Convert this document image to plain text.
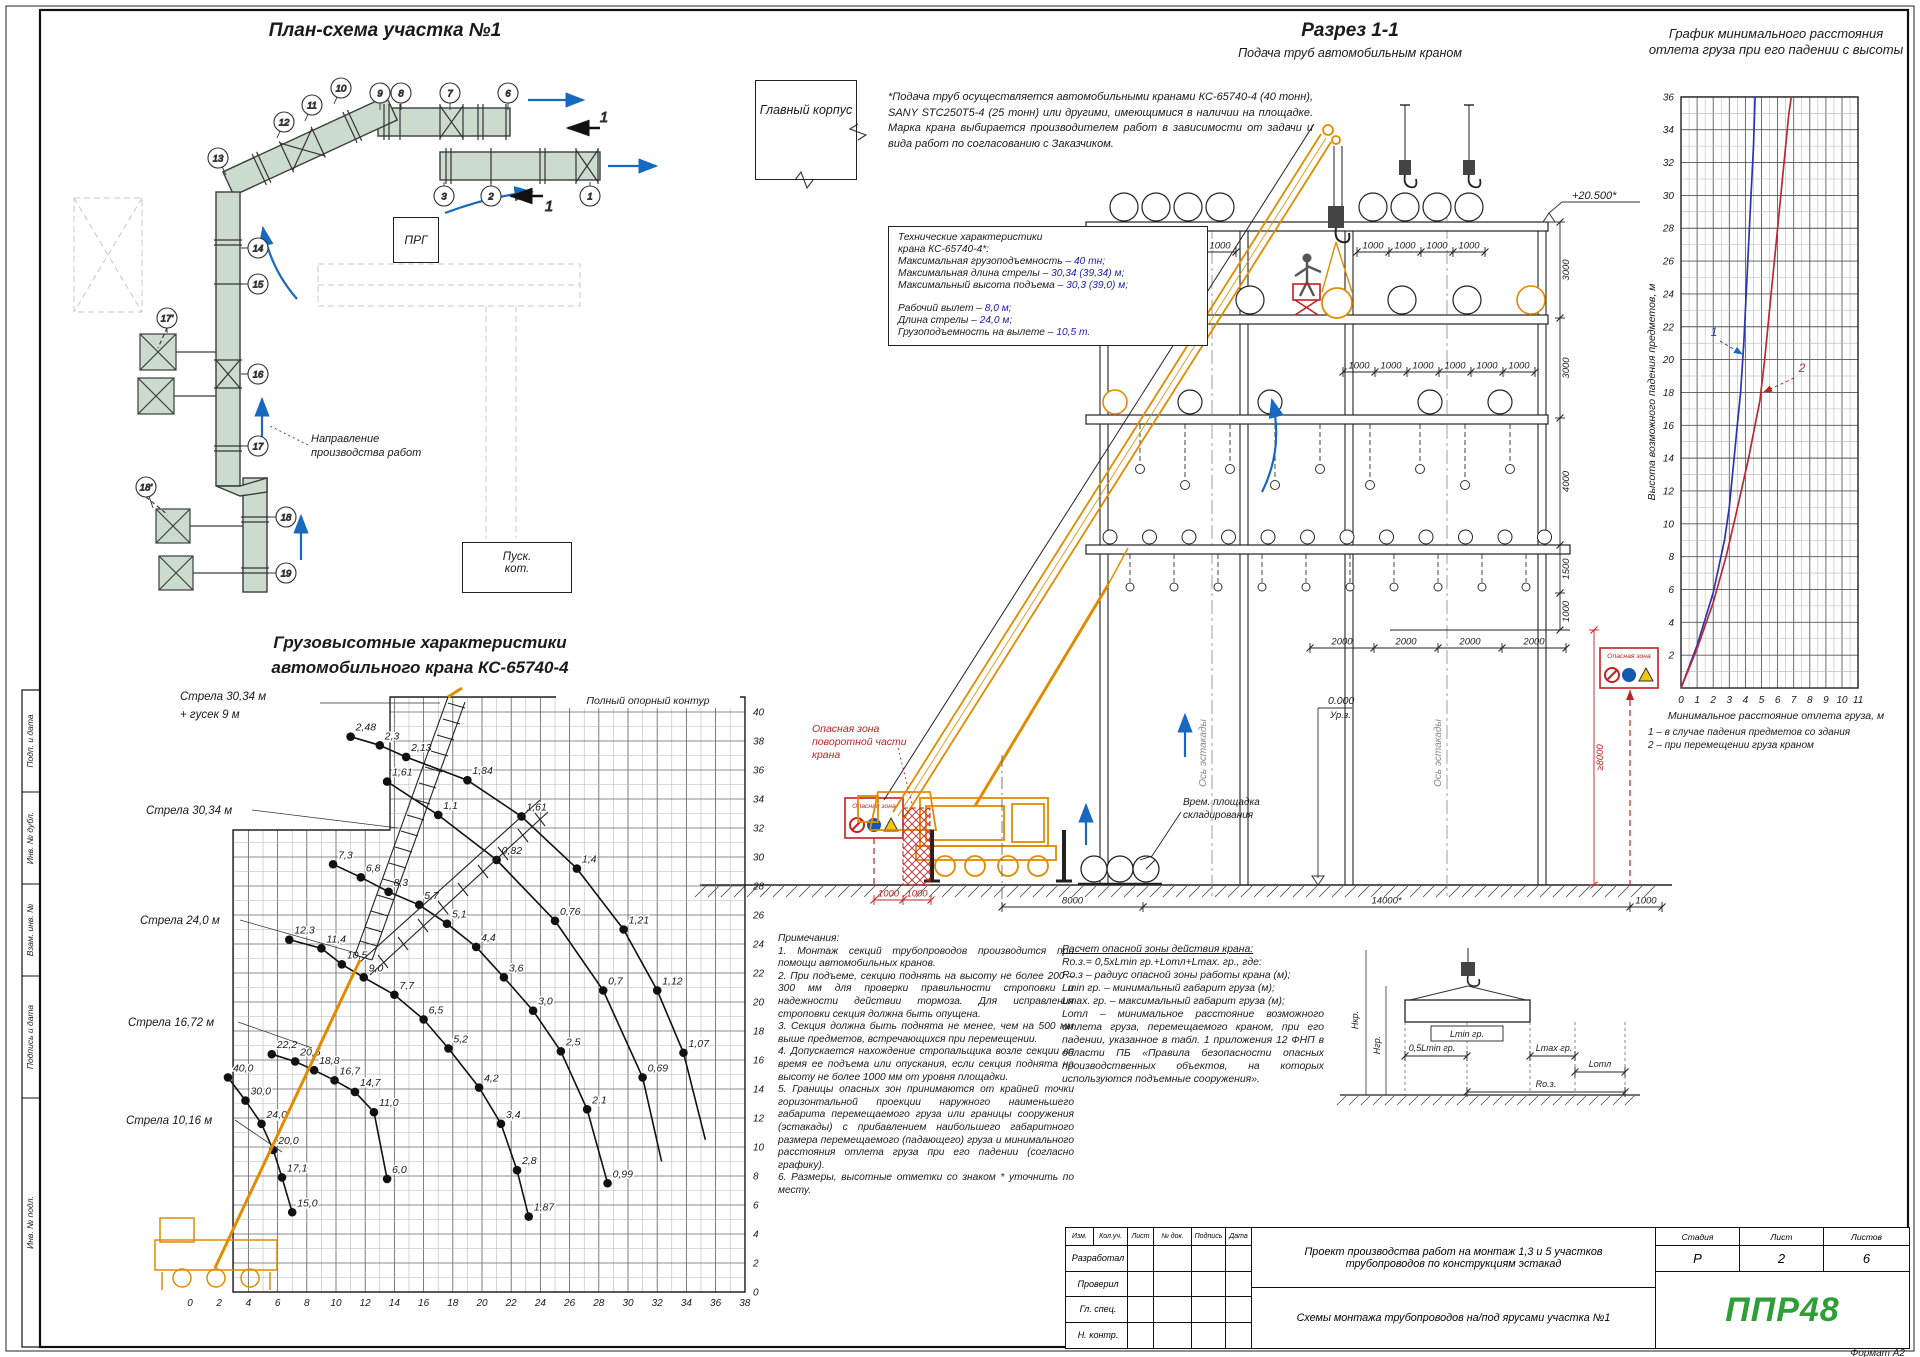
Подп. и дата
Инв. № дубл.
Взам. инв. №
Подпись и дата
Инв. № подл.
9 8	7	6
10
11
12
13
14
15
16
17
18
19
17'
18'
3	2	1
1
1
Опасная зона
Опасная зона
1000	1000 1000 1000 1000
1000 1000 1000 1000 1000 1000
2000	2000	2000	2000
3000
3000
4000
1500
1000
≥8000
1000 1000
8000	14000*	1000
+20.500*
0.000
Ур.з.
Ось эстакады	Ось эстакады
0 2 4 6 8 10 12 14 16 18 20 22 24 26 28 30 32 34 36 38
0
2
4
6
8
10
12
14
16
18
20
22
24
26
28
30
32
34
36
38
40
Полный опорный контур
2,48
2,3
2,13
1,84
1,61
1,4
1,21
1,12
1,07
1,61
1,1
0,82
0,76
0,7
0,69
7,3
6,8
8,3
5,7
5,1
4,4
3,6
3,0
2,5
2,1
0,99
12,3
11,4
10,5
9,0
7,7
6,5
5,2
4,2
3,4
2,8
1,87
22,2
20,5
18,8
16,7
14,7
11,0
6,0
40,0
30,0
24,0
20,0
17,1
15,0
Стрела 30,34 м
+ гусек 9 м
Стрела 30,34 м
Стрела 24,0 м
Стрела 16,72 м
Стрела 10,16 м
0 1 2 3 4 5 6 7 8 9 10 11
2
4
6
8
10
12
14
16
18
20
22
24
26
28
30
32
34
36
Высота возможного падения предметов, м	1
2
Lmin гр.
0,5Lmin гр.	Lmax гр.
Lотл
Rо.з.
Нкр.
Hгр.
План-схема участка №1
Главный корпус
ПРГ
Пуск.
кот.
Направление
производства работ
Разрез 1-1
Подача труб автомобильным краном
*Подача труб осуществляется автомобильными кранами КС-65740-4 (40 тонн), SANY STC250T5-4 (25 тонн) или другими, имеющимися в наличии на площадке. Марка крана выбирается производителем работ в зависимости от задачи и вида работ по согласованию с Заказчиком.
Технические характеристики
крана КС-65740-4*:
Максимальная грузоподъемность – 40 тн;
Максимальная длина стрелы – 30,34 (39,34) м;
Максимальный высота подъема – 30,3 (39,0) м;
Рабочий вылет – 8,0 м;
Длина стрелы – 24,0 м;
Грузоподъемность на вылете – 10,5 т.
Опасная зона
поворотной части
крана
Врем. площадка
складирования
Грузовысотные характеристики
автомобильного крана КС-65740-4
График минимального расстояния отлета груза при его падении с высоты
Минимальное расстояние отлета груза, м
1 – в случае падения предметов со здания
2 – при перемещении груза краном
Примечания:
1. Монтаж секций трубопроводов производится при помощи автомобильных кранов.
2. При подъеме, секцию поднять на высоту не более 200 – 300 мм для проверки правильности строповки и надежности действии тормоза. Для исправления строповки секция должна быть опущена.
3. Секция должна быть поднята не менее, чем на 500 мм выше предметов, встречающихся при перемещении.
4. Допускается нахождение стропальщика возле секции во время ее подъема или опускания, если секция поднята на высоту не более 1000 мм от уровня площадки.
5. Границы опасных зон принимаются от крайней точки горизонтальной проекции наружного наименьшего габарита перемещаемого груза или границы сооружения (эстакады) с прибавлением наибольшего габаритного размера перемещаемого (падающего) груза и минимального расстояния отлета груза при его падении (согласно графику).
6. Размеры, высотные отметки со знаком * уточнить по месту.
Расчет опасной зоны действия крана:
Rо.з.= 0,5хLmin гр.+Lотл+Lmax. гр., где:
Rо.з – радиус опасной зоны работы крана (м);
Lmin гр. – минимальный габарит груза (м);
Lmax. гр. – максимальный габарит груза (м);
Lотл – минимальное расстояние возможного отлета груза, перемещаемого краном, при его падении, указанное в табл. 1 приложения 12 ФНП в области ПБ «Правила безопасности опасных производственных объектов, на которых используются подъемные сооружения».
Изм.	Кол.уч.	Лист	№ док.	Подпись Дата
Разработал
Проверил
Гл. спец.
Н. контр.
Проект производства работ на монтаж 1,3 и 5 участков трубопроводов по конструкциям эстакад
Схемы монтажа трубопроводов на/под ярусами участка №1
Стадия	Лист	Листов
Р	2	6
ППР48
Формат А2
